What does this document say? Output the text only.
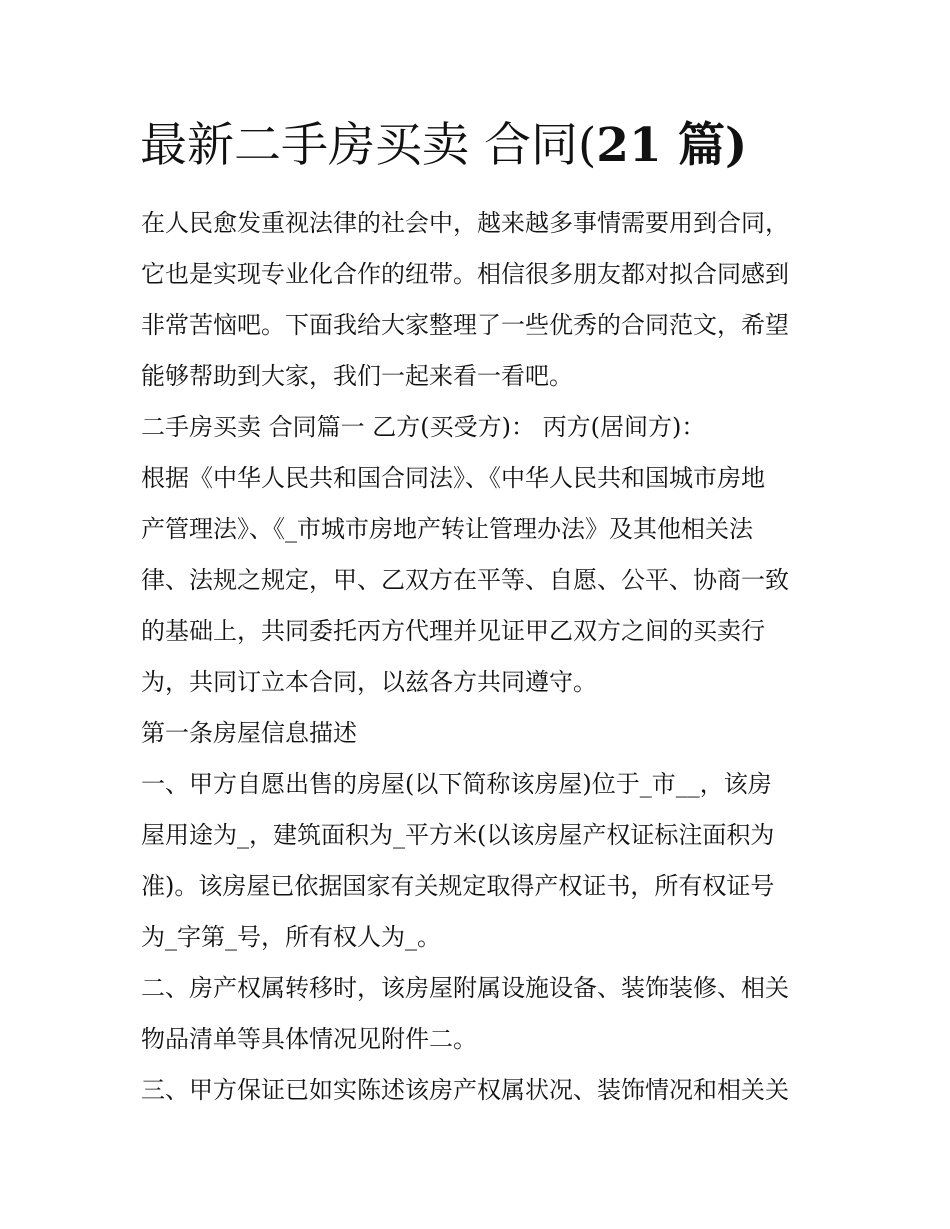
最新二手房买卖 合同(21 篇)

在人民愈发重视法律的社会中，越来越多事情需要用到合同，
它也是实现专业化合作的纽带。相信很多朋友都对拟合同感到
非常苦恼吧。下面我给大家整理了一些优秀的合同范文，希望
能够帮助到大家，我们一起来看一看吧。

二手房买卖 合同篇一 乙方(买受方)： 丙方(居间方)：

根据《中华人民共和国合同法》、《中华人民共和国城市房地
产管理法》、《_市城市房地产转让管理办法》及其他相关法
律、法规之规定，甲、乙双方在平等、自愿、公平、协商一致
的基础上，共同委托丙方代理并见证甲乙双方之间的买卖行
为，共同订立本合同，以兹各方共同遵守。

第一条房屋信息描述

一、甲方自愿出售的房屋(以下简称该房屋)位于_市__，该房
屋用途为_，建筑面积为_平方米(以该房屋产权证标注面积为
准)。该房屋已依据国家有关规定取得产权证书，所有权证号
为_字第_号，所有权人为_。

二、房产权属转移时，该房屋附属设施设备、装饰装修、相关
物品清单等具体情况见附件二。

三、甲方保证已如实陈述该房产权属状况、装饰情况和相关关
